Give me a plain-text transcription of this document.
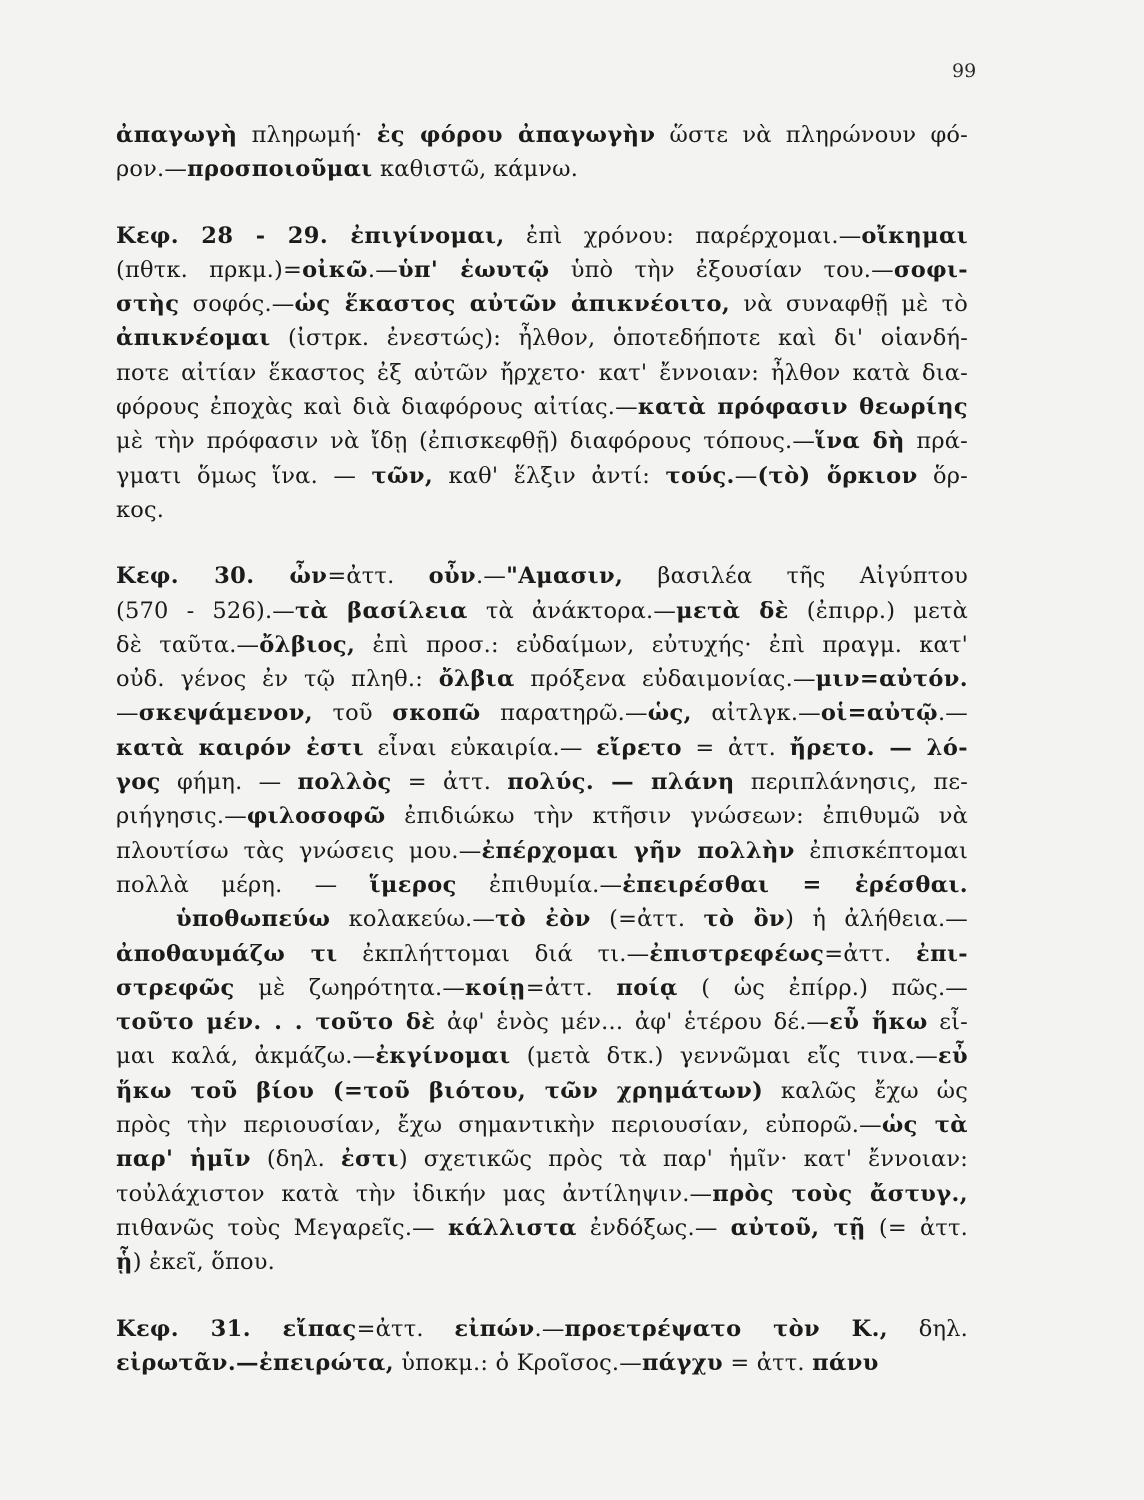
99
ἀπαγωγὴ πληρωμή· ἐς φόρου ἀπαγωγὴν ὥστε νὰ πληρώνουν φό-
ρον.—προσποιοῦμαι καθιστῶ, κάμνω.
Κεφ. 28 - 29. ἐπιγίνομαι, ἐπὶ χρόνου: παρέρχομαι.—οἴκημαι
(πθτκ. πρκμ.)=οἰκῶ.—ὑπ' ἑωυτῷ ὑπὸ τὴν ἐξουσίαν του.—σοφι-
στὴς σοφός.—ὡς ἕκαστος αὐτῶν ἀπικνέοιτο, νὰ συναφθῇ μὲ τὸ
ἀπικνέομαι (ἰστρκ. ἐνεστώς): ἦλθον, ὁποτεδήποτε καὶ δι' οἱανδή-
ποτε αἰτίαν ἕκαστος ἐξ αὐτῶν ἤρχετο· κατ' ἔννοιαν: ἦλθον κατὰ δια-
φόρους ἐποχὰς καὶ διὰ διαφόρους αἰτίας.—κατὰ πρόφασιν θεωρίης
μὲ τὴν πρόφασιν νὰ ἴδῃ (ἐπισκεφθῇ) διαφόρους τόπους.—ἵνα δὴ πρά-
γματι ὅμως ἵνα. — τῶν, καθ' ἕλξιν ἀντί: τούς.—(τὸ) ὅρκιον ὅρ-
κος.
Κεφ. 30. ὦν=ἀττ. οὖν.—"Αμασιν, βασιλέα τῆς Αἰγύπτου
(570 - 526).—τὰ βασίλεια τὰ ἀνάκτορα.—μετὰ δὲ (ἐπιρρ.) μετὰ
δὲ ταῦτα.—ὄλβιος, ἐπὶ προσ.: εὐδαίμων, εὐτυχής· ἐπὶ πραγμ. κατ'
οὐδ. γένος ἐν τῷ πληθ.: ὄλβια πρόξενα εὐδαιμονίας.—μιν=αὐτόν.
—σκεψάμενον, τοῦ σκοπῶ παρατηρῶ.—ὡς, αἰτλγκ.—οἱ=αὐτῷ.—
κατὰ καιρόν ἐστι εἶναι εὐκαιρία.— εἴρετο = ἀττ. ἤρετο. — λό-
γος φήμη. — πολλὸς = ἀττ. πολύς. — πλάνη περιπλάνησις, πε-
ριήγησις.—φιλοσοφῶ ἐπιδιώκω τὴν κτῆσιν γνώσεων: ἐπιθυμῶ νὰ
πλουτίσω τὰς γνώσεις μου.—ἐπέρχομαι γῆν πολλὴν ἐπισκέπτομαι
πολλὰ μέρη. — ἵμερος ἐπιθυμία.—ἐπειρέσθαι = ἐρέσθαι.
ὑποθωπεύω κολακεύω.—τὸ ἐὸν (=ἀττ. τὸ ὂν) ἡ ἀλήθεια.—
ἀποθαυμάζω τι ἐκπλήττομαι διά τι.—ἐπιστρεφέως=ἀττ. ἐπι-
στρεφῶς μὲ ζωηρότητα.—κοίῃ=ἀττ. ποίᾳ ( ὡς ἐπίρρ.) πῶς.—
τοῦτο μέν. . . τοῦτο δὲ ἀφ' ἑνὸς μέν... ἀφ' ἑτέρου δέ.—εὖ ἥκω εἶ-
μαι καλά, ἀκμάζω.—ἐκγίνομαι (μετὰ δτκ.) γεννῶμαι εἴς τινα.—εὖ
ἥκω τοῦ βίου (=τοῦ βιότου, τῶν χρημάτων) καλῶς ἔχω ὡς
πρὸς τὴν περιουσίαν, ἔχω σημαντικὴν περιουσίαν, εὐπορῶ.—ὡς τὰ
παρ' ἡμῖν (δηλ. ἐστι) σχετικῶς πρὸς τὰ παρ' ἡμῖν· κατ' ἔννοιαν:
τοὐλάχιστον κατὰ τὴν ἰδικήν μας ἀντίληψιν.—πρὸς τοὺς ἄστυγ.,
πιθανῶς τοὺς Μεγαρεῖς.— κάλλιστα ἐνδόξως.— αὐτοῦ, τῇ (= ἀττ.
ᾗ) ἐκεῖ, ὅπου.
Κεφ. 31. εἴπας=ἀττ. εἰπών.—προετρέψατο τὸν Κ., δηλ.
εἰρωτᾶν.—ἐπειρώτα, ὑποκμ.: ὁ Κροῖσος.—πάγχυ = ἀττ. πάνυ
